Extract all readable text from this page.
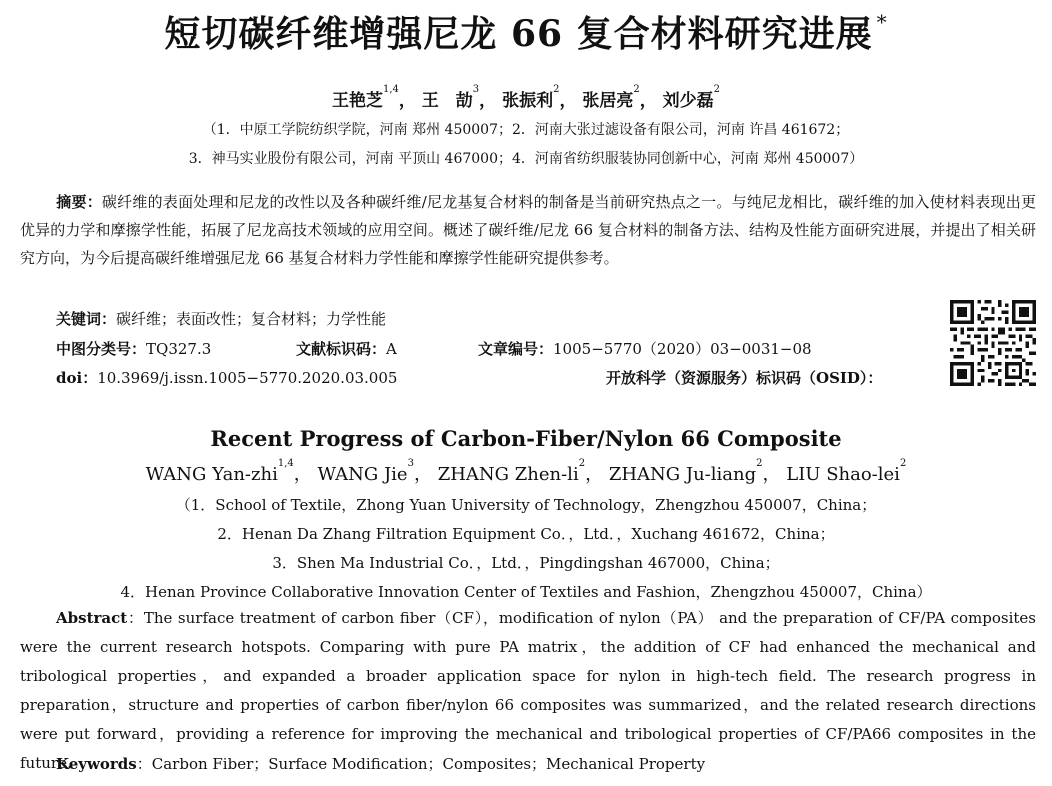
短切碳纤维增强尼龙 66 复合材料研究进展 *
王艳芝$^{1,4}$， 王　劼$^3$， 张振利$^2$， 张居亮$^2$， 刘少磊$^2$
（1．中原工学院纺织学院，河南 郑州 450007；2．河南大张过滤设备有限公司，河南 许昌 461672；
3．神马实业股份有限公司，河南 平顶山 467000；4．河南省纺织服装协同创新中心，河南 郑州 450007）
摘要：碳纤维的表面处理和尼龙的改性以及各种碳纤维/尼龙基复合材料的制备是当前研究热点之一。与纯尼龙相比，碳纤维的加入使材料表现出更优异的力学和摩擦学性能，拓展了尼龙高技术领域的应用空间。概述了碳纤维/尼龙 66 复合材料的制备方法、结构及性能方面研究进展，并提出了相关研究方向，为今后提高碳纤维增强尼龙 66 基复合材料力学性能和摩擦学性能研究提供参考。
关键词：碳纤维；表面改性；复合材料；力学性能
中图分类号：TQ327.3	文献标识码：A	文章编号：1005−5770（2020）03−0031−08
doi：10.3969/j.issn.1005−5770.2020.03.005	开放科学（资源服务）标识码（OSID）：
Recent Progress of Carbon-Fiber/Nylon 66 Composite
WANG Yan-zhi$^{1,4}$， WANG Jie$^3$， ZHANG Zhen-$li^2$， ZHANG Ju-liang$^2$， LIU Shao-lei$^2$
（1．School of Textile，Zhong Yuan University of Technology，Zhengzhou 450007，China；
2．Henan Da Zhang Filtration Equipment Co．，Ltd．，Xuchang 461672，China；
3．Shen Ma Industrial Co．，Ltd．，Pingdingshan 467000，China；
4．Henan Province Collaborative Innovation Center of Textiles and Fashion，Zhengzhou 450007，China）
Abstract：The surface treatment of carbon fiber（CF），modification of nylon（PA） and the preparation of CF/PA composites were the current research hotspots. Comparing with pure PA matrix，the addition of CF had enhanced the mechanical and tribological properties，and expanded a broader application space for nylon in high-tech field. The research progress in preparation，structure and properties of carbon fiber/nylon 66 composites was summarized，and the related research directions were put forward，providing a reference for improving the mechanical and tribological properties of CF/PA66 composites in the future.
Keywords：Carbon Fiber；Surface Modification；Composites；Mechanical Property
